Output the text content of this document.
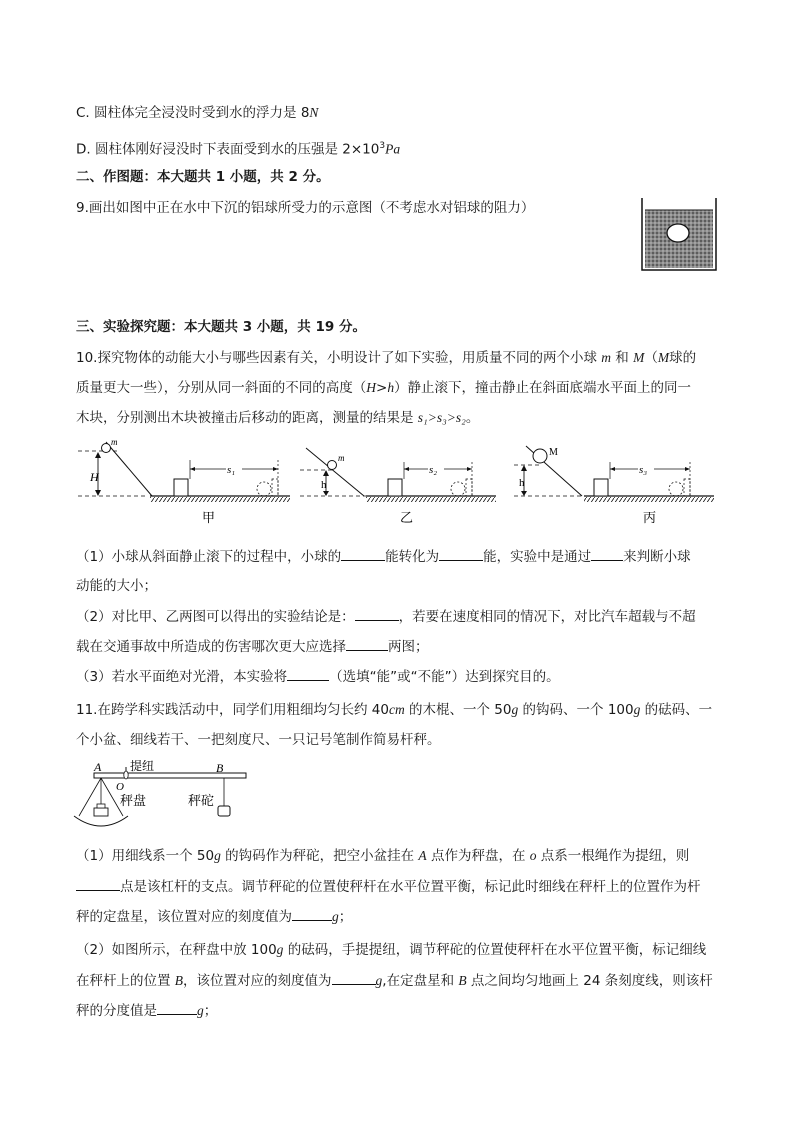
C. 圆柱体完全浸没时受到水的浮力是 8N
D. 圆柱体刚好浸没时下表面受到水的压强是 $2\times 10^3Pa$
二、作图题：本大题共 1 小题，共 2 分。
9.画出如图中正在水中下沉的铝球所受力的示意图（不考虑水对铝球的阻力）
三、实验探究题：本大题共 3 小题，共 19 分。
10.探究物体的动能大小与哪些因素有关，小明设计了如下实验，用质量不同的两个小球 m 和 M（M球的
质量更大一些），分别从同一斜面的不同的高度（H>h）静止滚下，撞击静止在斜面底端水平面上的同一
木块，分别测出木块被撞击后移动的距离，测量的结果是 s₁>s₃>s₂。
m
H	s₁
甲
m
h
s₂
乙
M
h
s₃
丙
（1）小球从斜面静止滚下的过程中，小球的	能转化为	能，实验中是通过 来判断小球
动能的大小；
（2）对比甲、乙两图可以得出的实验结论是：	，若要在速度相同的情况下，对比汽车超载与不超
载在交通事故中所造成的伤害哪次更大应选择	两图；
（3）若水平面绝对光滑，本实验将	（选填“能”或“不能”）达到探究目的。
11.在跨学科实践活动中，同学们用粗细均匀长约 40cm 的木棍、一个 50g 的钩码、一个 100g 的砝码、一
个小盆、细线若干、一把刻度尺、一只记号笔制作简易杆秤。
A	B
O
提纽
秤盘	秤砣
（1）用细线系一个 50g 的钩码作为秤砣，把空小盆挂在 A 点作为秤盘，在 o 点系一根绳作为提纽，则
点是该杠杆的支点。调节秤砣的位置使秤杆在水平位置平衡，标记此时细线在秤杆上的位置作为杆
秤的定盘星，该位置对应的刻度值为	g；
（2）如图所示，在秤盘中放 100g 的砝码，手提提纽，调节秤砣的位置使秤杆在水平位置平衡，标记细线
在秤杆上的位置 B，该位置对应的刻度值为	g,在定盘星和 B 点之间均匀地画上 24 条刻度线，则该杆
秤的分度值是	g；
